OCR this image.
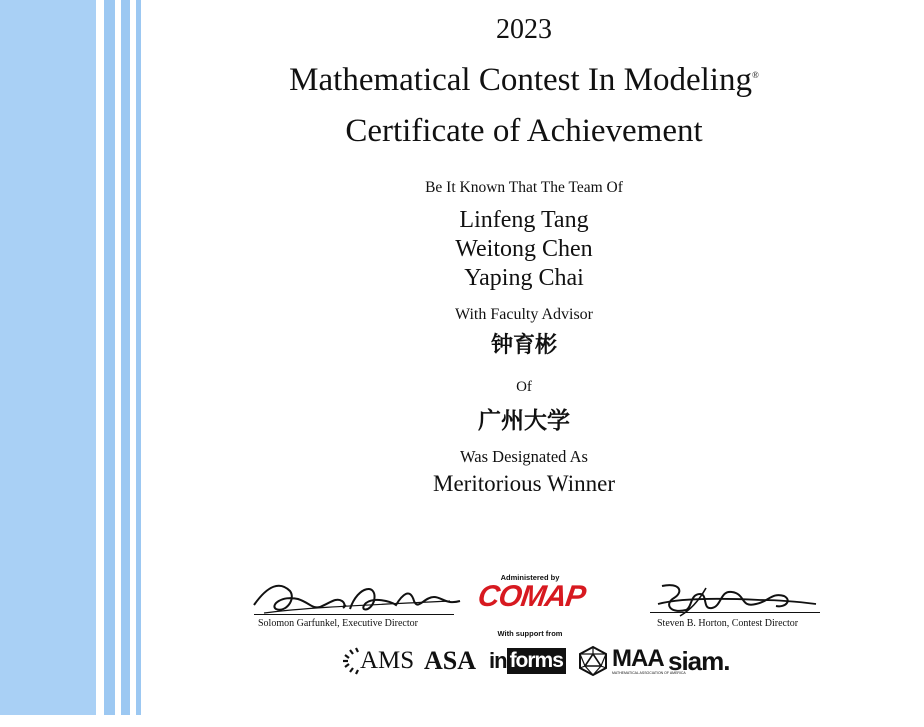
2023
Mathematical Contest In Modeling®
Certificate of Achievement
Be It Known That The Team Of
Linfeng Tang
Weitong Chen
Yaping Chai
With Faculty Advisor
钟育彬
Of
广州大学
Was Designated As
Meritorious Winner
Solomon Garfunkel, Executive Director	Steven B. Horton, Contest Director
Administered by
COMAP
With support from
AMS ASA in forms MAA
MATHEMATICAL ASSOCIATION OF AMERICA
siam.
